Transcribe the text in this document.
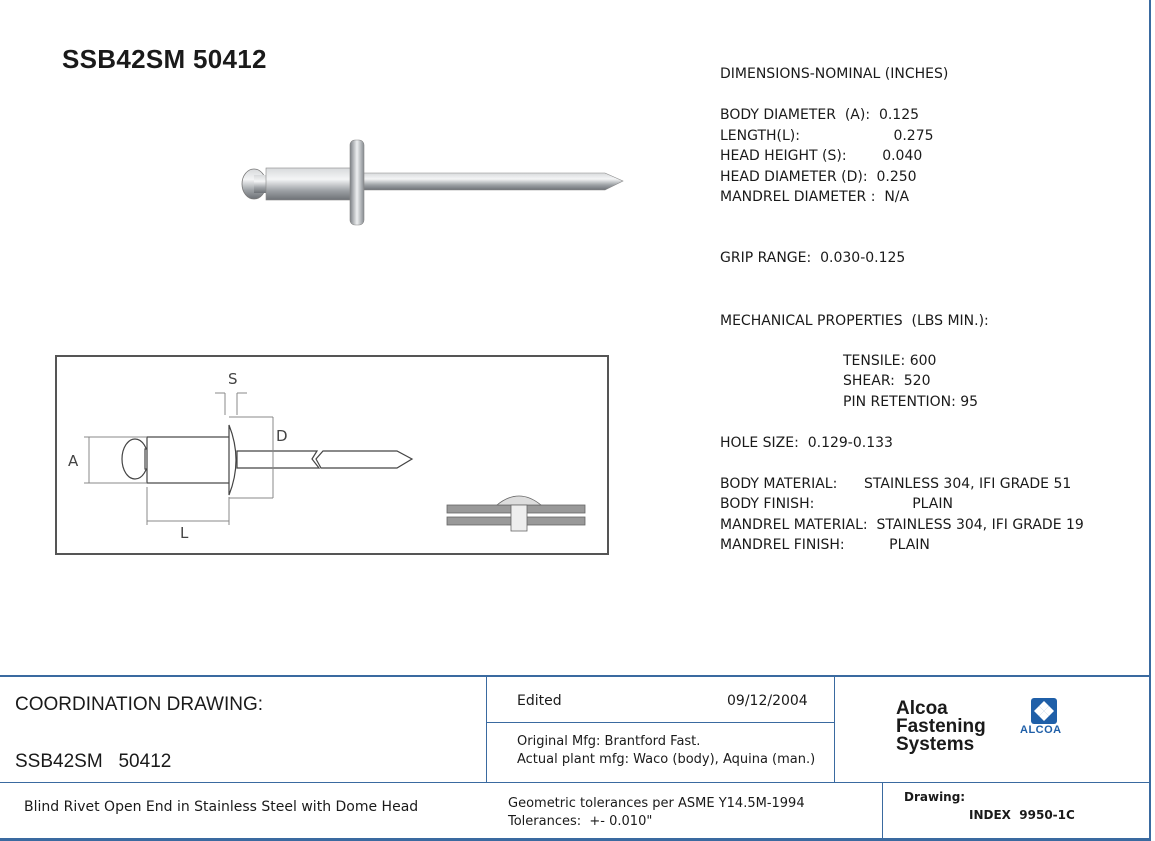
SSB42SM 50412	DIMENSIONS-NOMINAL (INCHES)
BODY DIAMETER  (A):  0.125
LENGTH(L):                     0.275
HEAD HEIGHT (S):        0.040
HEAD DIAMETER (D):  0.250
MANDREL DIAMETER :  N/A
GRIP RANGE:  0.030-0.125
MECHANICAL PROPERTIES  (LBS MIN.):
TENSILE: 600
SHEAR:  520
PIN RETENTION: 95
HOLE SIZE:  0.129-0.133
BODY MATERIAL:      STAINLESS 304, IFI GRADE 51
BODY FINISH:                      PLAIN
MANDREL MATERIAL:  STAINLESS 304, IFI GRADE 19
MANDREL FINISH:          PLAIN
S
D
A
L
COORDINATION DRAWING:
SSB42SM   50412
Edited	09/12/2004
Original Mfg: Brantford Fast.
Actual plant mfg: Waco (body), Aquina (man.)
Alcoa
Fastening
Systems
ALCOA
Blind Rivet Open End in Stainless Steel with Dome Head	Geometric tolerances per ASME Y14.5M-1994
Tolerances:  +- 0.010"
Drawing:
INDEX  9950-1C
